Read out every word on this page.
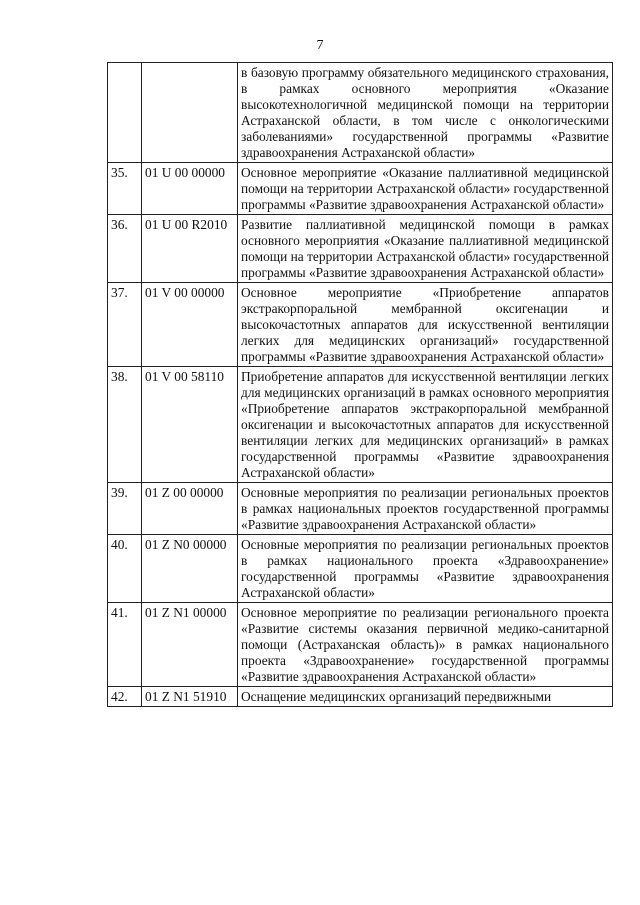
7
		в базовую программу обязательного медицинского страхования, в рамках основного мероприятия «Оказание высокотехнологичной медицинской помощи на территории Астраханской области, в том числе с онкологическими заболеваниями» государственной программы «Развитие здравоохранения Астраханской области»
35.	01 U 00 00000	Основное мероприятие «Оказание паллиативной медицинской помощи на территории Астраханской области» государственной программы «Развитие здравоохранения Астраханской области»
36.	01 U 00 R2010	Развитие паллиативной медицинской помощи в рамках основного мероприятия «Оказание паллиативной медицинской помощи на территории Астраханской области» государственной программы «Развитие здравоохранения Астраханской области»
37.	01 V 00 00000	Основное мероприятие «Приобретение аппаратов экстракорпоральной мембранной оксигенации и высокочастотных аппаратов для искусственной вентиляции легких для медицинских организаций» государственной программы «Развитие здравоохранения Астраханской области»
38.	01 V 00 58110	Приобретение аппаратов для искусственной вентиляции легких для медицинских организаций в рамках основного мероприятия «Приобретение аппаратов экстракорпоральной мембранной оксигенации и высокочастотных аппаратов для искусственной вентиляции легких для медицинских организаций» в рамках государственной программы «Развитие здравоохранения Астраханской области»
39.	01 Z 00 00000	Основные мероприятия по реализации региональных проектов в рамках национальных проектов государственной программы «Развитие здравоохранения Астраханской области»
40.	01 Z N0 00000	Основные мероприятия по реализации региональных проектов в рамках национального проекта «Здравоохранение» государственной программы «Развитие здравоохранения Астраханской области»
41.	01 Z N1 00000	Основное мероприятие по реализации регионального проекта «Развитие системы оказания первичной медико-санитарной помощи (Астраханская область)» в рамках национального проекта «Здравоохранение» государственной программы «Развитие здравоохранения Астраханской области»
42.	01 Z N1 51910	Оснащение медицинских организаций передвижными
